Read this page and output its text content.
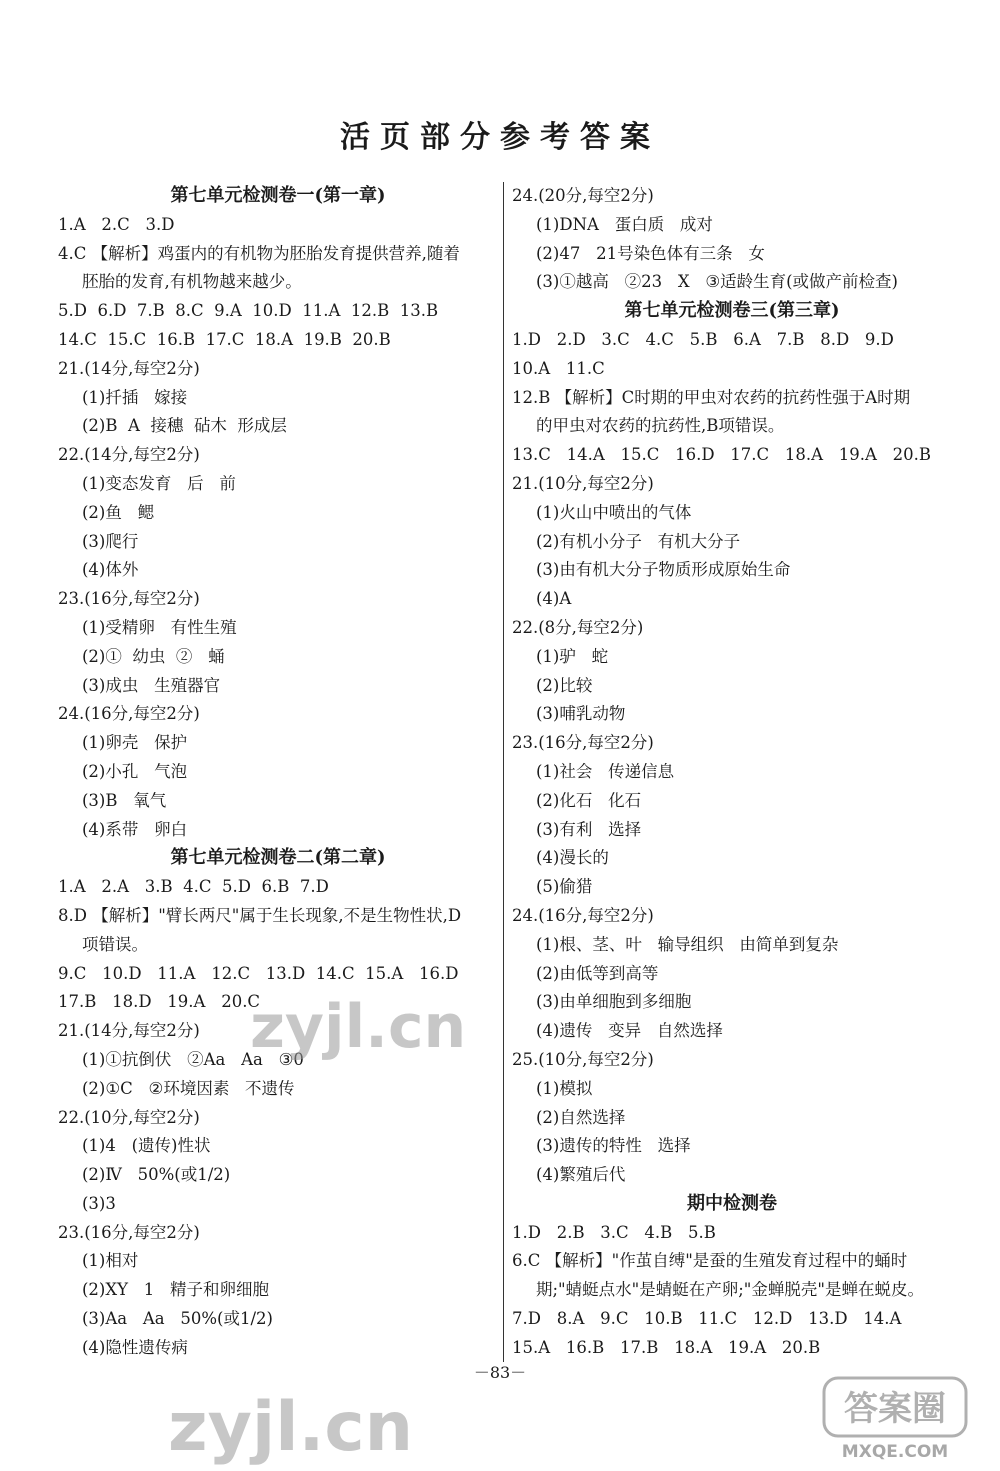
活页部分参考答案
第七单元检测卷一(第一章)
1.A   2.C   3.D
4.C 【解析】鸡蛋内的有机物为胚胎发育提供营养,随着
胚胎的发育,有机物越来越少。
5.D  6.D  7.B  8.C  9.A  10.D  11.A  12.B  13.B
14.C  15.C  16.B  17.C  18.A  19.B  20.B
21.(14分,每空2分)
(1)扦插   嫁接
(2)B  A  接穗  砧木  形成层
22.(14分,每空2分)
(1)变态发育   后   前
(2)鱼   鳃
(3)爬行
(4)体外
23.(16分,每空2分)
(1)受精卵   有性生殖
(2)①  幼虫  ②   蛹
(3)成虫   生殖器官
24.(16分,每空2分)
(1)卵壳   保护
(2)小孔   气泡
(3)B   氧气
(4)系带   卵白
第七单元检测卷二(第二章)
1.A   2.A   3.B  4.C  5.D  6.B  7.D
8.D 【解析】"臂长两尺"属于生长现象,不是生物性状,D
项错误。
9.C   10.D   11.A   12.C   13.D  14.C  15.A   16.D
17.B   18.D   19.A   20.C
21.(14分,每空2分)
(1)①抗倒伏   ②Aa   Aa   ③0
(2)①C   ②环境因素   不遗传
22.(10分,每空2分)
(1)4   (遗传)性状
(2)Ⅳ   50%(或1/2)
(3)3
23.(16分,每空2分)
(1)相对
(2)XY   1   精子和卵细胞
(3)Aa   Aa   50%(或1/2)
(4)隐性遗传病
24.(20分,每空2分)
(1)DNA   蛋白质   成对
(2)47   21号染色体有三条   女
(3)①越高   ②23   X   ③适龄生育(或做产前检查)
第七单元检测卷三(第三章)
1.D   2.D   3.C   4.C   5.B   6.A   7.B   8.D   9.D
10.A   11.C
12.B 【解析】C时期的甲虫对农药的抗药性强于A时期
的甲虫对农药的抗药性,B项错误。
13.C   14.A   15.C   16.D   17.C   18.A   19.A   20.B
21.(10分,每空2分)
(1)火山中喷出的气体
(2)有机小分子   有机大分子
(3)由有机大分子物质形成原始生命
(4)A
22.(8分,每空2分)
(1)驴   蛇
(2)比较
(3)哺乳动物
23.(16分,每空2分)
(1)社会   传递信息
(2)化石   化石
(3)有利   选择
(4)漫长的
(5)偷猎
24.(16分,每空2分)
(1)根、茎、叶   输导组织   由简单到复杂
(2)由低等到高等
(3)由单细胞到多细胞
(4)遗传   变异   自然选择
25.(10分,每空2分)
(1)模拟
(2)自然选择
(3)遗传的特性   选择
(4)繁殖后代
期中检测卷
1.D   2.B   3.C   4.B   5.B
6.C 【解析】"作茧自缚"是蚕的生殖发育过程中的蛹时
期;"蜻蜓点水"是蜻蜓在产卵;"金蝉脱壳"是蝉在蜕皮。
7.D   8.A   9.C   10.B   11.C   12.D   13.D   14.A
15.A   16.B   17.B   18.A   19.A   20.B
－83－
zyjl.cn
zyjl.cn	答案圈
MXQE.COM
